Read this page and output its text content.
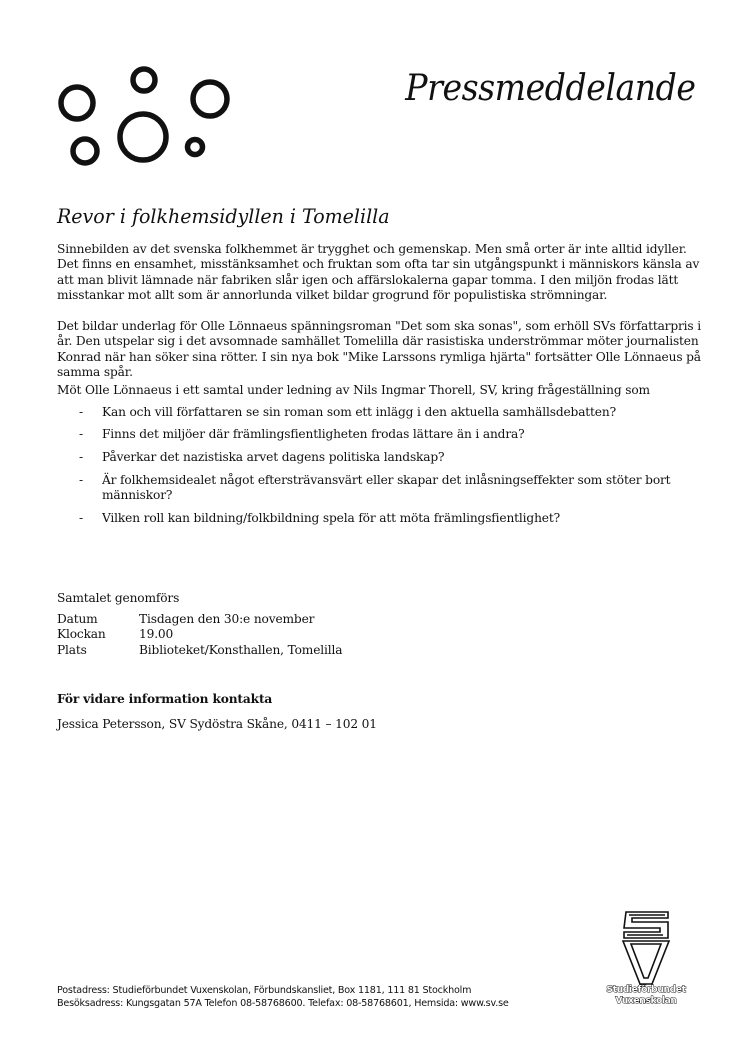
Pressmeddelande
Revor i folkhemsidyllen i Tomelilla

Sinnebilden av det svenska folkhemmet är trygghet och gemenskap. Men små orter är inte alltid idyller. Det finns en ensamhet, misstänksamhet och fruktan som ofta tar sin utgångspunkt i människors känsla av att man blivit lämnade när fabriken slår igen och affärslokalerna gapar tomma. I den miljön frodas lätt misstankar mot allt som är annorlunda vilket bildar grogrund för populistiska strömningar.

Det bildar underlag för Olle Lönnaeus spänningsroman "Det som ska sonas", som erhöll SVs författarpris i år. Den utspelar sig i det avsomnade samhället Tomelilla där rasistiska underströmmar möter journalisten Konrad när han söker sina rötter. I sin nya bok "Mike Larssons rymliga hjärta" fortsätter Olle Lönnaeus på samma spår.

Möt Olle Lönnaeus i ett samtal under ledning av Nils Ingmar Thorell, SV, kring frågeställning som

- Kan och vill författaren se sin roman som ett inlägg i den aktuella samhällsdebatten?
- Finns det miljöer där främlingsfientligheten frodas lättare än i andra?
- Påverkar det nazistiska arvet dagens politiska landskap?
- Är folkhemsidealet något eftersträvansvärt eller skapar det inlåsningseffekter som stöter bort människor?
- Vilken roll kan bildning/folkbildning spela för att möta främlingsfientlighet?
Samtalet genomförs
Datum	Tisdagen den 30:e november
Klockan	19.00
Plats	Biblioteket/Konsthallen, Tomelilla
För vidare information kontakta
Jessica Petersson, SV Sydöstra Skåne, 0411 – 102 01
Postadress: Studieförbundet Vuxenskolan, Förbundskansliet, Box 1181, 111 81 Stockholm
Besöksadress: Kungsgatan 57A Telefon 08-58768600. Telefax: 08-58768601, Hemsida: www.sv.se
Studieförbundet
Vuxenskolan
